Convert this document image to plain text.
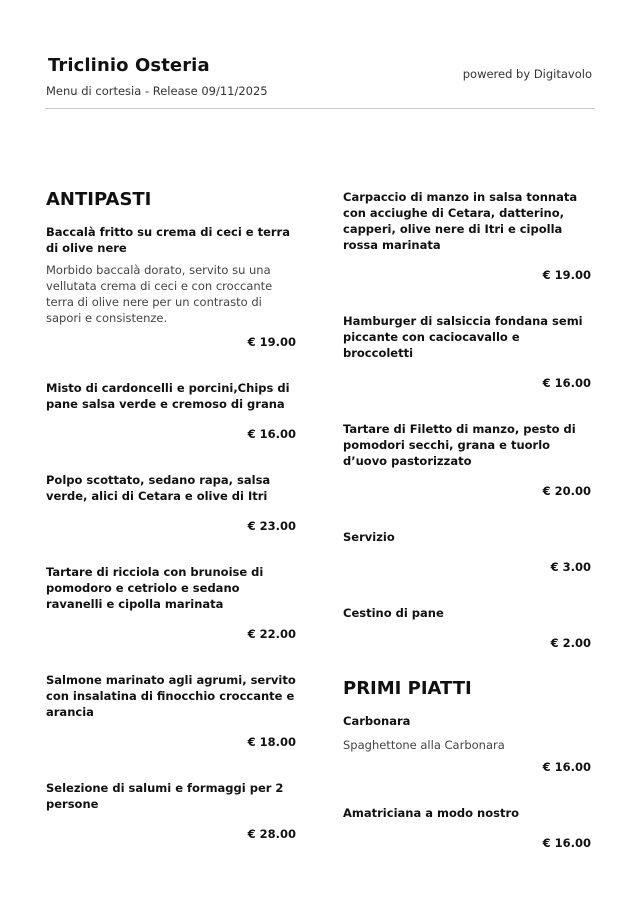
Triclinio Osteria
Menu di cortesia - Release 09/11/2025
powered by Digitavolo
ANTIPASTI

Baccalà fritto su crema di ceci e terra di olive nere

Morbido baccalà dorato, servito su una vellutata crema di ceci e con croccante terra di olive nere per un contrasto di sapori e consistenze.

€ 19.00

Misto di cardoncelli e porcini,Chips di pane salsa verde e cremoso di grana

€ 16.00

Polpo scottato, sedano rapa, salsa verde, alici di Cetara e olive di Itri

€ 23.00

Tartare di ricciola con brunoise di pomodoro e cetriolo e sedano ravanelli e cipolla marinata

€ 22.00

Salmone marinato agli agrumi, servito con insalatina di finocchio croccante e arancia

€ 18.00

Selezione di salumi e formaggi per 2 persone

€ 28.00

Carpaccio di manzo in salsa tonnata con acciughe di Cetara, datterino, capperi, olive nere di Itri e cipolla rossa marinata

€ 19.00

Hamburger di salsiccia fondana semi piccante con caciocavallo e broccoletti

€ 16.00

Tartare di Filetto di manzo, pesto di pomodori secchi, grana e tuorlo d’uovo pastorizzato

€ 20.00

Servizio

€ 3.00

Cestino di pane

€ 2.00

PRIMI PIATTI

Carbonara

Spaghettone alla Carbonara

€ 16.00

Amatriciana a modo nostro

€ 16.00
